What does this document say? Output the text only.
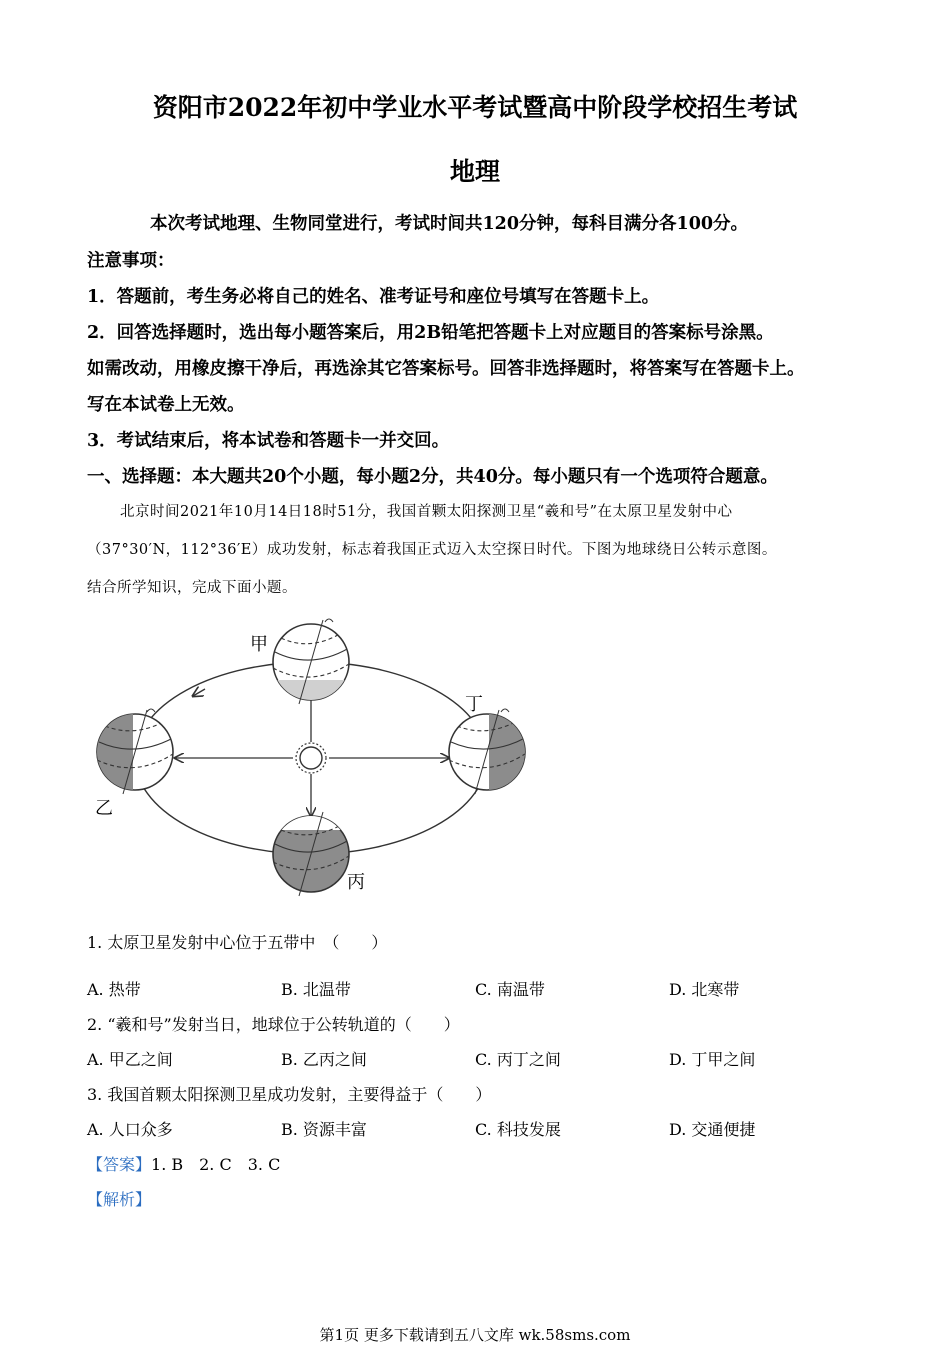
资阳市2022年初中学业水平考试暨高中阶段学校招生考试
地理
本次考试地理、生物同堂进行，考试时间共120分钟，每科目满分各100分。
注意事项：
1．答题前，考生务必将自己的姓名、准考证号和座位号填写在答题卡上。
2．回答选择题时，选出每小题答案后，用2B铅笔把答题卡上对应题目的答案标号涂黑。
如需改动，用橡皮擦干净后，再选涂其它答案标号。回答非选择题时，将答案写在答题卡上。
写在本试卷上无效。
3．考试结束后，将本试卷和答题卡一并交回。
一、选择题：本大题共20个小题，每小题2分，共40分。每小题只有一个选项符合题意。
北京时间2021年10月14日18时51分，我国首颗太阳探测卫星“羲和号”在太原卫星发射中心
（37°30′N，112°36′E）成功发射，标志着我国正式迈入太空探日时代。下图为地球绕日公转示意图。
结合所学知识，完成下面小题。
甲
乙
丁
丙
1. 太原卫星发射中心位于五带中　（　　）
A. 热带	B. 北温带	C. 南温带	D. 北寒带
2. “羲和号”发射当日，地球位于公转轨道的（　　）
A. 甲乙之间	B. 乙丙之间	C. 丙丁之间	D. 丁甲之间
3. 我国首颗太阳探测卫星成功发射，主要得益于（　　）
A. 人口众多	B. 资源丰富	C. 科技发展	D. 交通便捷
【答案】1. B　2. C　3. C
【解析】
第1页 更多下载请到五八文库 wk.58sms.com
